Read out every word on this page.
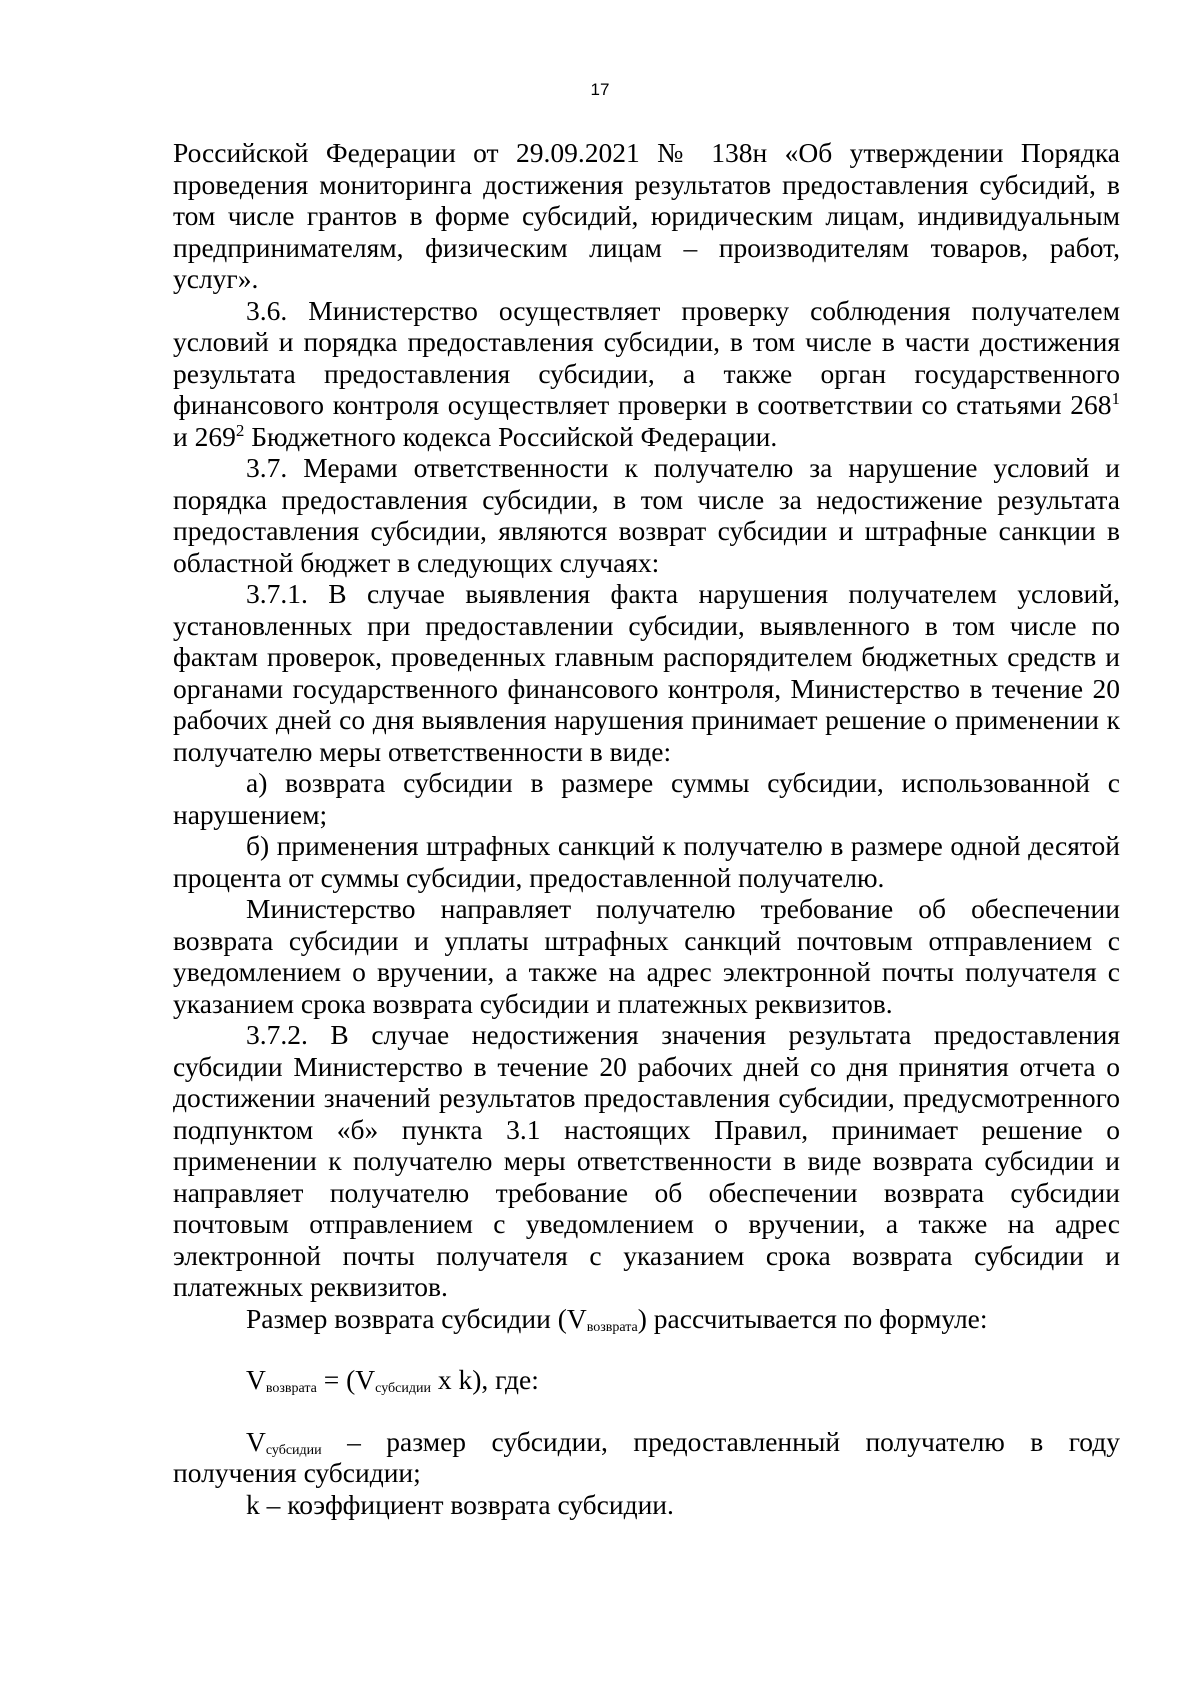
17

Российской Федерации от 29.09.2021 № 138н «Об утверждении Порядка проведения мониторинга достижения результатов предоставления субсидий, в том числе грантов в форме субсидий, юридическим лицам, индивидуальным предпринимателям, физическим лицам – производителям товаров, работ, услуг».

3.6. Министерство осуществляет проверку соблюдения получателем условий и порядка предоставления субсидии, в том числе в части достижения результата предоставления субсидии, а также орган государственного финансового контроля осуществляет проверки в соответствии со статьями $268^1$ и $269^2$ Бюджетного кодекса Российской Федерации.

3.7. Мерами ответственности к получателю за нарушение условий и порядка предоставления субсидии, в том числе за недостижение результата предоставления субсидии, являются возврат субсидии и штрафные санкции в областной бюджет в следующих случаях:

3.7.1. В случае выявления факта нарушения получателем условий, установленных при предоставлении субсидии, выявленного в том числе по фактам проверок, проведенных главным распорядителем бюджетных средств и органами государственного финансового контроля, Министерство в течение 20 рабочих дней со дня выявления нарушения принимает решение о применении к получателю меры ответственности в виде:

а) возврата субсидии в размере суммы субсидии, использованной с нарушением;

б) применения штрафных санкций к получателю в размере одной десятой процента от суммы субсидии, предоставленной получателю.

Министерство направляет получателю требование об обеспечении возврата субсидии и уплаты штрафных санкций почтовым отправлением с уведомлением о вручении, а также на адрес электронной почты получателя с указанием срока возврата субсидии и платежных реквизитов.

3.7.2. В случае недостижения значения результата предоставления субсидии Министерство в течение 20 рабочих дней со дня принятия отчета о достижении значений результатов предоставления субсидии, предусмотренного подпунктом «б» пункта 3.1 настоящих Правил, принимает решение о применении к получателю меры ответственности в виде возврата субсидии и направляет получателю требование об обеспечении возврата субсидии почтовым отправлением с уведомлением о вручении, а также на адрес электронной почты получателя с указанием срока возврата субсидии и платежных реквизитов.

Размер возврата субсидии $(V_{возврата})$ рассчитывается по формуле:

$V_{возврата} = (V_{субсидии}$ x k), где:

$V_{субсидии}$ – размер субсидии, предоставленный получателю в году получения субсидии;

k – коэффициент возврата субсидии.
